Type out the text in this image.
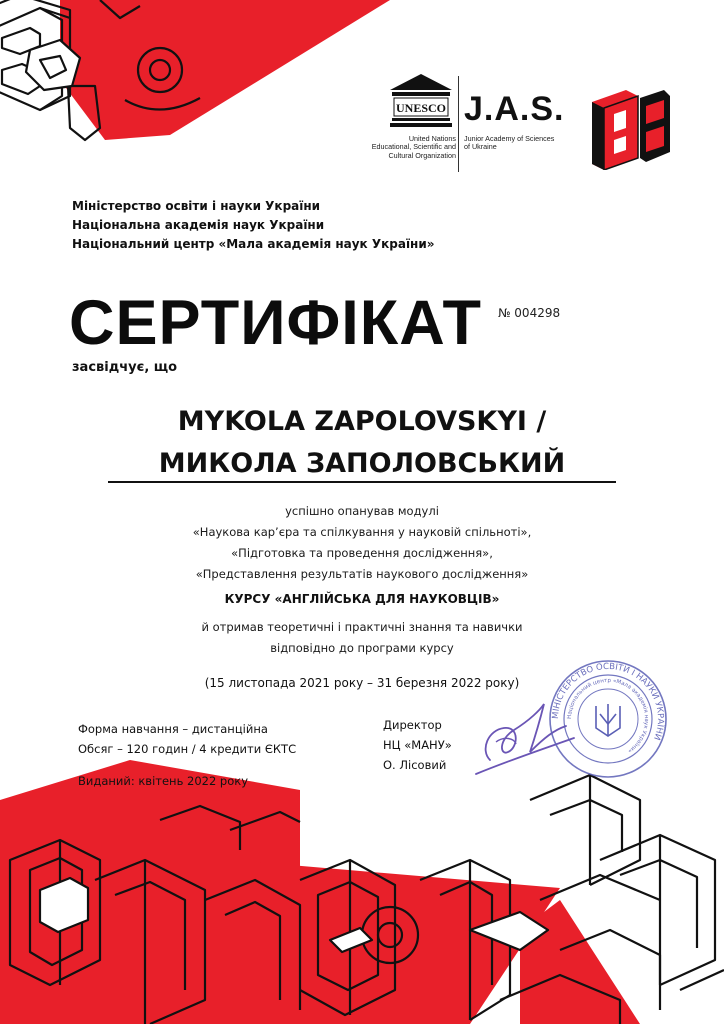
UNESCO
United Nations
Educational, Scientific and
Cultural Organization
J.A.S.
Junior Academy of Sciences
of Ukraine
В3
Міністерство освіти і науки України
Національна академія наук України
Національний центр «Мала академія наук України»
СЕРТИФІКАТ № 004298
засвідчує, що
MYKOLA ZAPOLOVSKYI /
МИКОЛА ЗАПОЛОВСЬКИЙ
успішно опанував модулі
«Наукова кар’єра та спілкування у науковій спільноті»,
«Підготовка та проведення дослідження»,
«Представлення результатів наукового дослідження»
КУРСУ «АНГЛІЙСЬКА ДЛЯ НАУКОВЦІВ»
й отримав теоретичні і практичні знання та навички
відповідно до програми курсу
(15 листопада 2021 року – 31 березня 2022 року)
Форма навчання – дистанційна
Обсяг – 120 годин / 4 кредити ЄКТС
Виданий: квітень 2022 року
Директор
НЦ «МАНУ»
О. Лісовий
МІНІСТЕРСТВО ОСВІТИ І НАУКИ УКРАЇНИ
Національний центр «Мала академія наук України»
